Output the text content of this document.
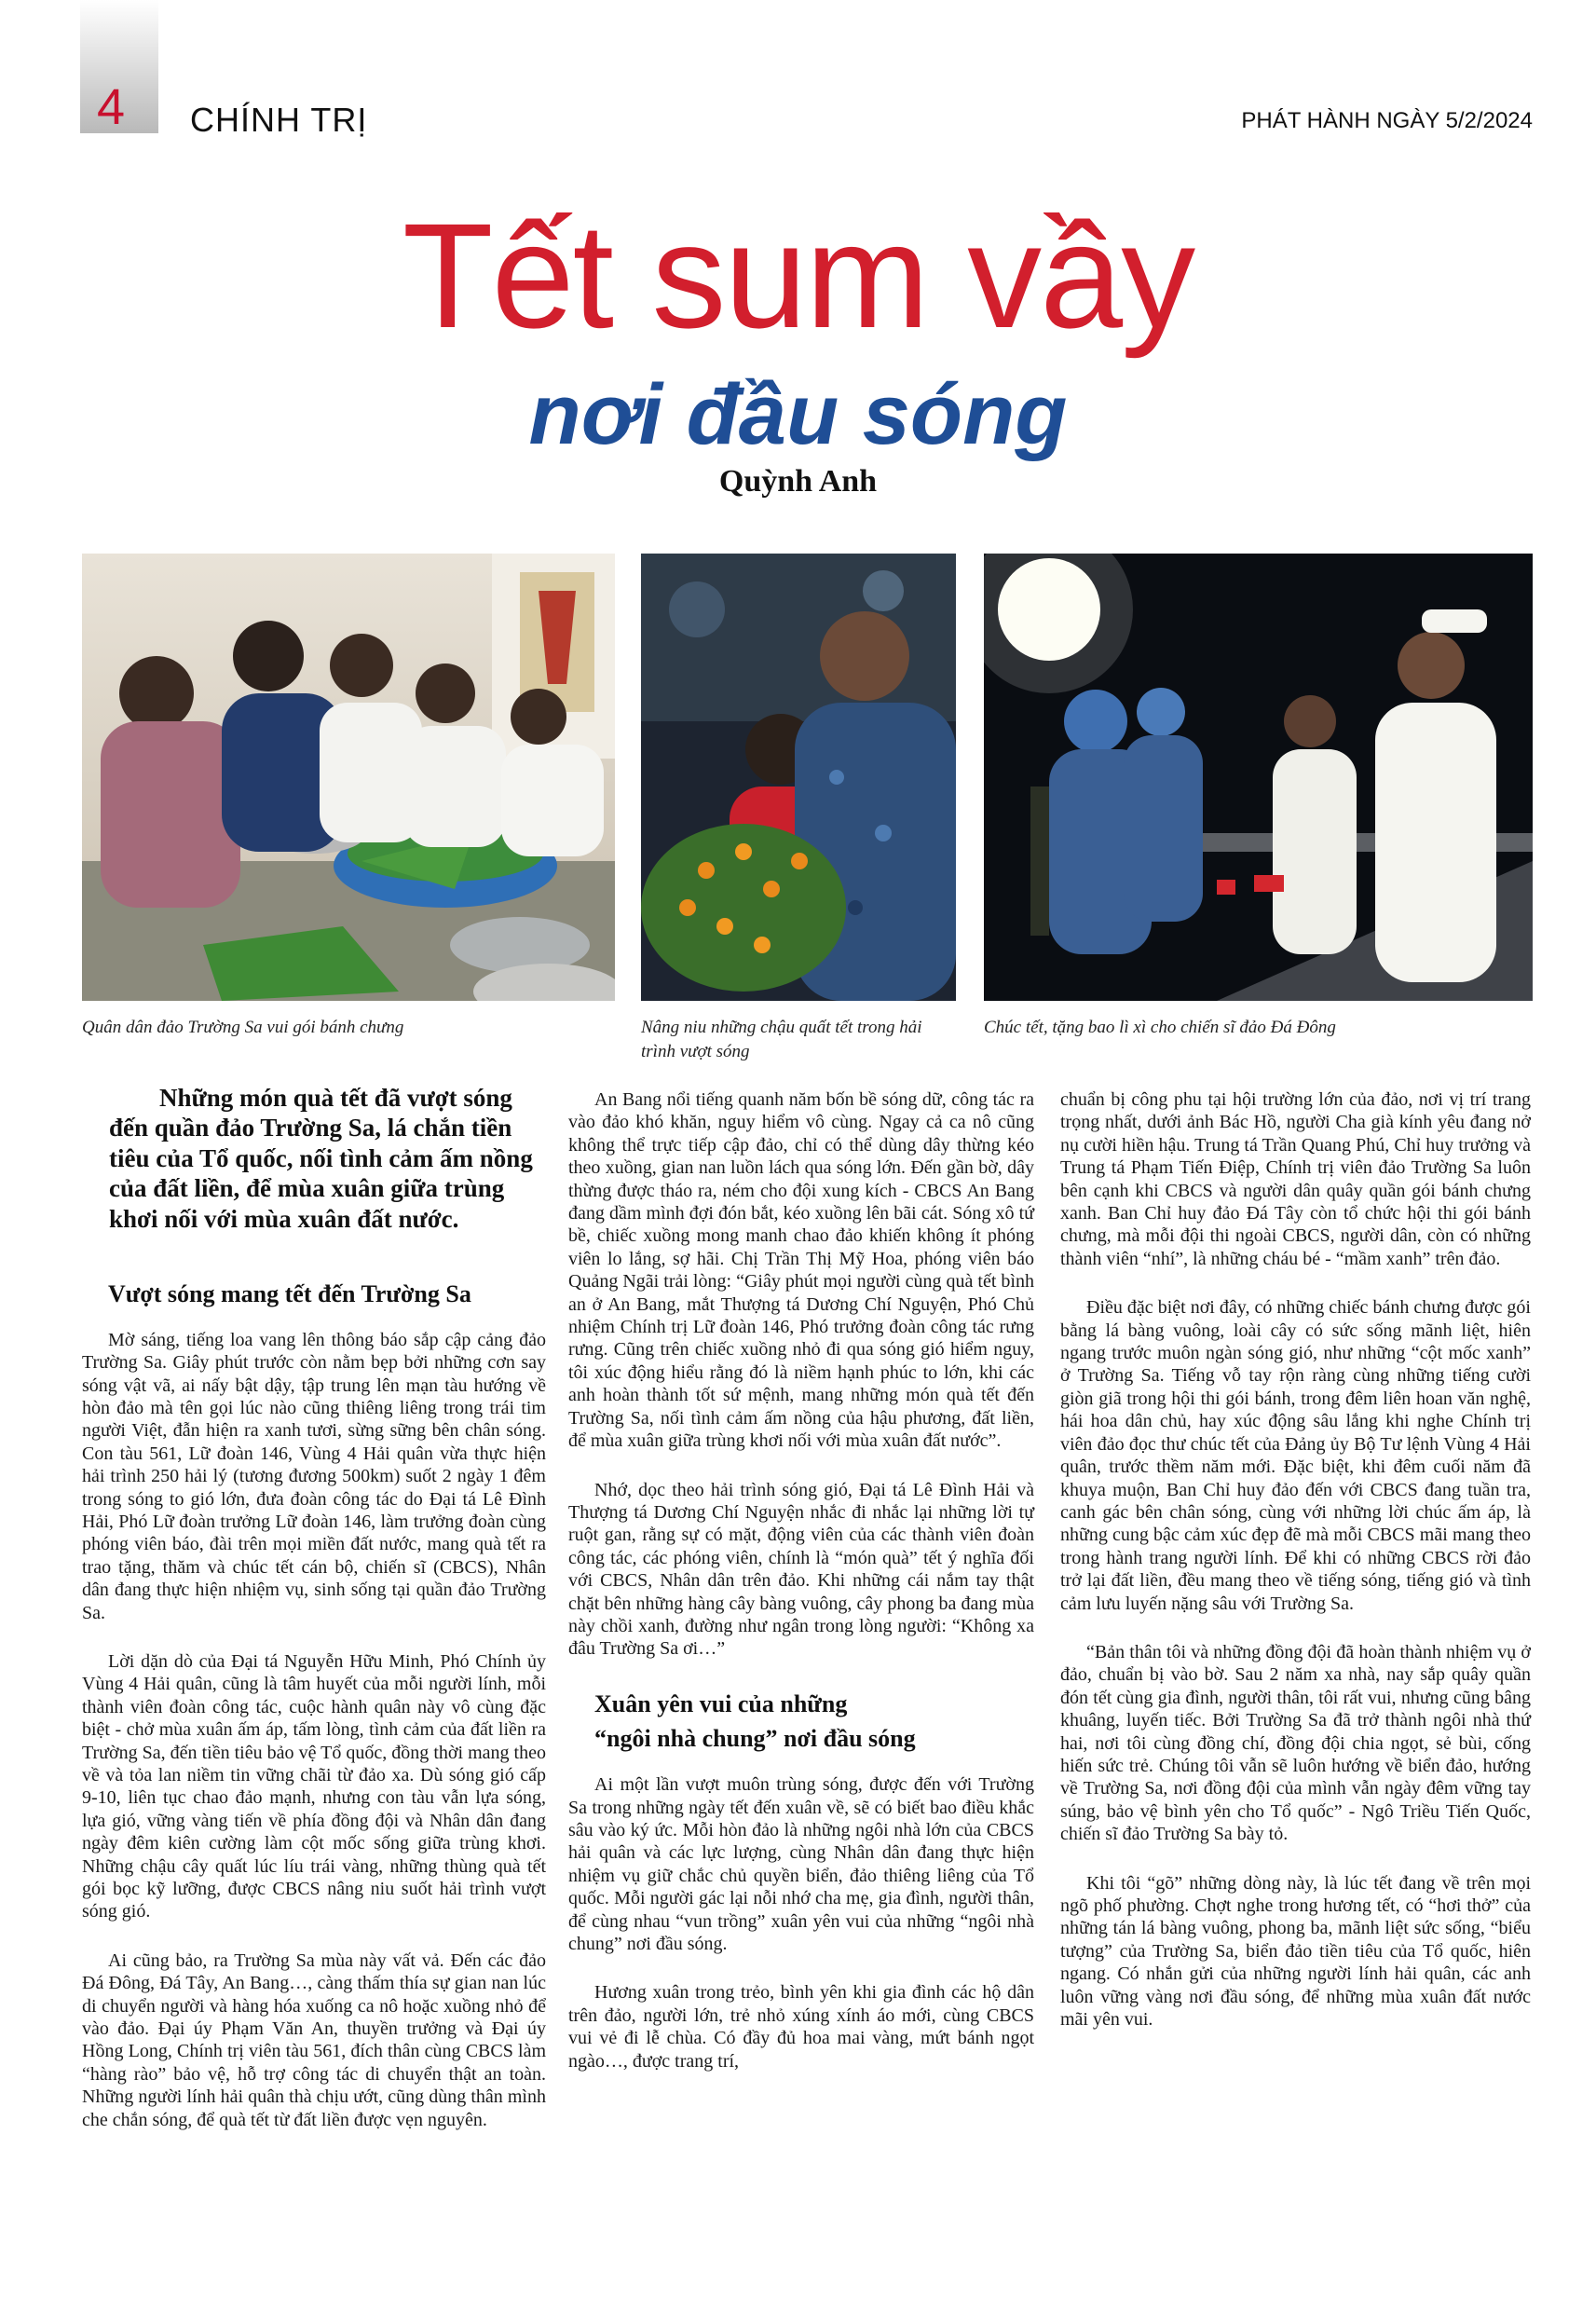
4 CHÍNH TRỊ	PHÁT HÀNH NGÀY 5/2/2024
Tết sum vầy
nơi đầu sóng
Quỳnh Anh
Quân dân đảo Trường Sa vui gói bánh chưng	Nâng niu những chậu quất tết trong hải trình vượt sóng
Chúc tết, tặng bao lì xì cho chiến sĩ đảo Đá Đông

Những món quà tết đã vượt sóng đến quần đảo Trường Sa, lá chắn tiền tiêu của Tổ quốc, nối tình cảm ấm nồng của đất liền, để mùa xuân giữa trùng khơi nối với mùa xuân đất nước.

Vượt sóng mang tết đến Trường Sa

Mờ sáng, tiếng loa vang lên thông báo sắp cập cảng đảo Trường Sa. Giây phút trước còn nằm bẹp bởi những cơn say sóng vật vã, ai nấy bật dậy, tập trung lên mạn tàu hướng về hòn đảo mà tên gọi lúc nào cũng thiêng liêng trong trái tim người Việt, đẫn hiện ra xanh tươi, sừng sững bên chân sóng. Con tàu 561, Lữ đoàn 146, Vùng 4 Hải quân vừa thực hiện hải trình 250 hải lý (tương đương 500km) suốt 2 ngày 1 đêm trong sóng to gió lớn, đưa đoàn công tác do Đại tá Lê Đình Hải, Phó Lữ đoàn trưởng Lữ đoàn 146, làm trưởng đoàn cùng phóng viên báo, đài trên mọi miền đất nước, mang quà tết ra trao tặng, thăm và chúc tết cán bộ, chiến sĩ (CBCS), Nhân dân đang thực hiện nhiệm vụ, sinh sống tại quần đảo Trường Sa.

Lời dặn dò của Đại tá Nguyễn Hữu Minh, Phó Chính ủy Vùng 4 Hải quân, cũng là tâm huyết của mỗi người lính, mỗi thành viên đoàn công tác, cuộc hành quân này vô cùng đặc biệt - chở mùa xuân ấm áp, tấm lòng, tình cảm của đất liền ra Trường Sa, đến tiền tiêu bảo vệ Tổ quốc, đồng thời mang theo về và tỏa lan niềm tin vững chãi từ đảo xa. Dù sóng gió cấp 9-10, liên tục chao đảo mạnh, nhưng con tàu vẫn lựa sóng, lựa gió, vững vàng tiến về phía đồng đội và Nhân dân đang ngày đêm kiên cường làm cột mốc sống giữa trùng khơi. Những chậu cây quất lúc líu trái vàng, những thùng quà tết gói bọc kỹ lưỡng, được CBCS nâng niu suốt hải trình vượt sóng gió.

Ai cũng bảo, ra Trường Sa mùa này vất vả. Đến các đảo Đá Đông, Đá Tây, An Bang…, càng thấm thía sự gian nan lúc di chuyển người và hàng hóa xuống ca nô hoặc xuồng nhỏ để vào đảo. Đại úy Phạm Văn An, thuyền trưởng và Đại úy Hồng Long, Chính trị viên tàu 561, đích thân cùng CBCS làm “hàng rào” bảo vệ, hỗ trợ công tác di chuyển thật an toàn. Những người lính hải quân thà chịu ướt, cũng dùng thân mình che chắn sóng, để quà tết từ đất liền được vẹn nguyên.

An Bang nổi tiếng quanh năm bốn bề sóng dữ, công tác ra vào đảo khó khăn, nguy hiểm vô cùng. Ngay cả ca nô cũng không thể trực tiếp cập đảo, chỉ có thể dùng dây thừng kéo theo xuồng, gian nan luồn lách qua sóng lớn. Đến gần bờ, dây thừng được tháo ra, ném cho đội xung kích - CBCS An Bang đang dầm mình đợi đón bắt, kéo xuồng lên bãi cát. Sóng xô tứ bề, chiếc xuồng mong manh chao đảo khiến không ít phóng viên lo lắng, sợ hãi. Chị Trần Thị Mỹ Hoa, phóng viên báo Quảng Ngãi trải lòng: “Giây phút mọi người cùng quà tết bình an ở An Bang, mắt Thượng tá Dương Chí Nguyện, Phó Chủ nhiệm Chính trị Lữ đoàn 146, Phó trưởng đoàn công tác rưng rưng. Cũng trên chiếc xuồng nhỏ đi qua sóng gió hiểm nguy, tôi xúc động hiểu rằng đó là niềm hạnh phúc to lớn, khi các anh hoàn thành tốt sứ mệnh, mang những món quà tết đến Trường Sa, nối tình cảm ấm nồng của hậu phương, đất liền, để mùa xuân giữa trùng khơi nối với mùa xuân đất nước”.

Nhớ, dọc theo hải trình sóng gió, Đại tá Lê Đình Hải và Thượng tá Dương Chí Nguyện nhắc đi nhắc lại những lời tự ruột gan, rằng sự có mặt, động viên của các thành viên đoàn công tác, các phóng viên, chính là “món quà” tết ý nghĩa đối với CBCS, Nhân dân trên đảo. Khi những cái nắm tay thật chặt bên những hàng cây bàng vuông, cây phong ba đang mùa này chồi xanh, đường như ngân trong lòng người: “Không xa đâu Trường Sa ơi…”

Xuân yên vui của những
“ngôi nhà chung” nơi đầu sóng

Ai một lần vượt muôn trùng sóng, được đến với Trường Sa trong những ngày tết đến xuân về, sẽ có biết bao điều khắc sâu vào ký ức. Mỗi hòn đảo là những ngôi nhà lớn của CBCS hải quân và các lực lượng, cùng Nhân dân đang thực hiện nhiệm vụ giữ chắc chủ quyền biển, đảo thiêng liêng của Tổ quốc. Mỗi người gác lại nỗi nhớ cha mẹ, gia đình, người thân, để cùng nhau “vun trồng” xuân yên vui của những “ngôi nhà chung” nơi đầu sóng.

Hương xuân trong trẻo, bình yên khi gia đình các hộ dân trên đảo, người lớn, trẻ nhỏ xúng xính áo mới, cùng CBCS vui vẻ đi lễ chùa. Có đầy đủ hoa mai vàng, mứt bánh ngọt ngào…, được trang trí,

chuẩn bị công phu tại hội trường lớn của đảo, nơi vị trí trang trọng nhất, dưới ảnh Bác Hồ, người Cha già kính yêu đang nở nụ cười hiền hậu. Trung tá Trần Quang Phú, Chỉ huy trưởng và Trung tá Phạm Tiến Điệp, Chính trị viên đảo Trường Sa luôn bên cạnh khi CBCS và người dân quây quần gói bánh chưng xanh. Ban Chỉ huy đảo Đá Tây còn tổ chức hội thi gói bánh chưng, mà mỗi đội thi ngoài CBCS, người dân, còn có những thành viên “nhí”, là những cháu bé - “mầm xanh” trên đảo.

Điều đặc biệt nơi đây, có những chiếc bánh chưng được gói bằng lá bàng vuông, loài cây có sức sống mãnh liệt, hiên ngang trước muôn ngàn sóng gió, như những “cột mốc xanh” ở Trường Sa. Tiếng vỗ tay rộn ràng cùng những tiếng cười giòn giã trong hội thi gói bánh, trong đêm liên hoan văn nghệ, hái hoa dân chủ, hay xúc động sâu lắng khi nghe Chính trị viên đảo đọc thư chúc tết của Đảng ủy Bộ Tư lệnh Vùng 4 Hải quân, trước thềm năm mới. Đặc biệt, khi đêm cuối năm đã khuya muộn, Ban Chỉ huy đảo đến với CBCS đang tuần tra, canh gác bên chân sóng, cùng với những lời chúc ấm áp, là những cung bậc cảm xúc đẹp đẽ mà mỗi CBCS mãi mang theo trong hành trang người lính. Để khi có những CBCS rời đảo trở lại đất liền, đều mang theo về tiếng sóng, tiếng gió và tình cảm lưu luyến nặng sâu với Trường Sa.

“Bản thân tôi và những đồng đội đã hoàn thành nhiệm vụ ở đảo, chuẩn bị vào bờ. Sau 2 năm xa nhà, nay sắp quây quần đón tết cùng gia đình, người thân, tôi rất vui, nhưng cũng bâng khuâng, luyến tiếc. Bởi Trường Sa đã trở thành ngôi nhà thứ hai, nơi tôi cùng đồng chí, đồng đội chia ngọt, sẻ bùi, cống hiến sức trẻ. Chúng tôi vẫn sẽ luôn hướng về biển đảo, hướng về Trường Sa, nơi đồng đội của mình vẫn ngày đêm vững tay súng, bảo vệ bình yên cho Tổ quốc” - Ngô Triều Tiến Quốc, chiến sĩ đảo Trường Sa bày tỏ.

Khi tôi “gõ” những dòng này, là lúc tết đang về trên mọi ngõ phố phường. Chợt nghe trong hương tết, có “hơi thở” của những tán lá bàng vuông, phong ba, mãnh liệt sức sống, “biểu tượng” của Trường Sa, biển đảo tiền tiêu của Tổ quốc, hiên ngang. Có nhắn gửi của những người lính hải quân, các anh luôn vững vàng nơi đầu sóng, để những mùa xuân đất nước mãi yên vui.
